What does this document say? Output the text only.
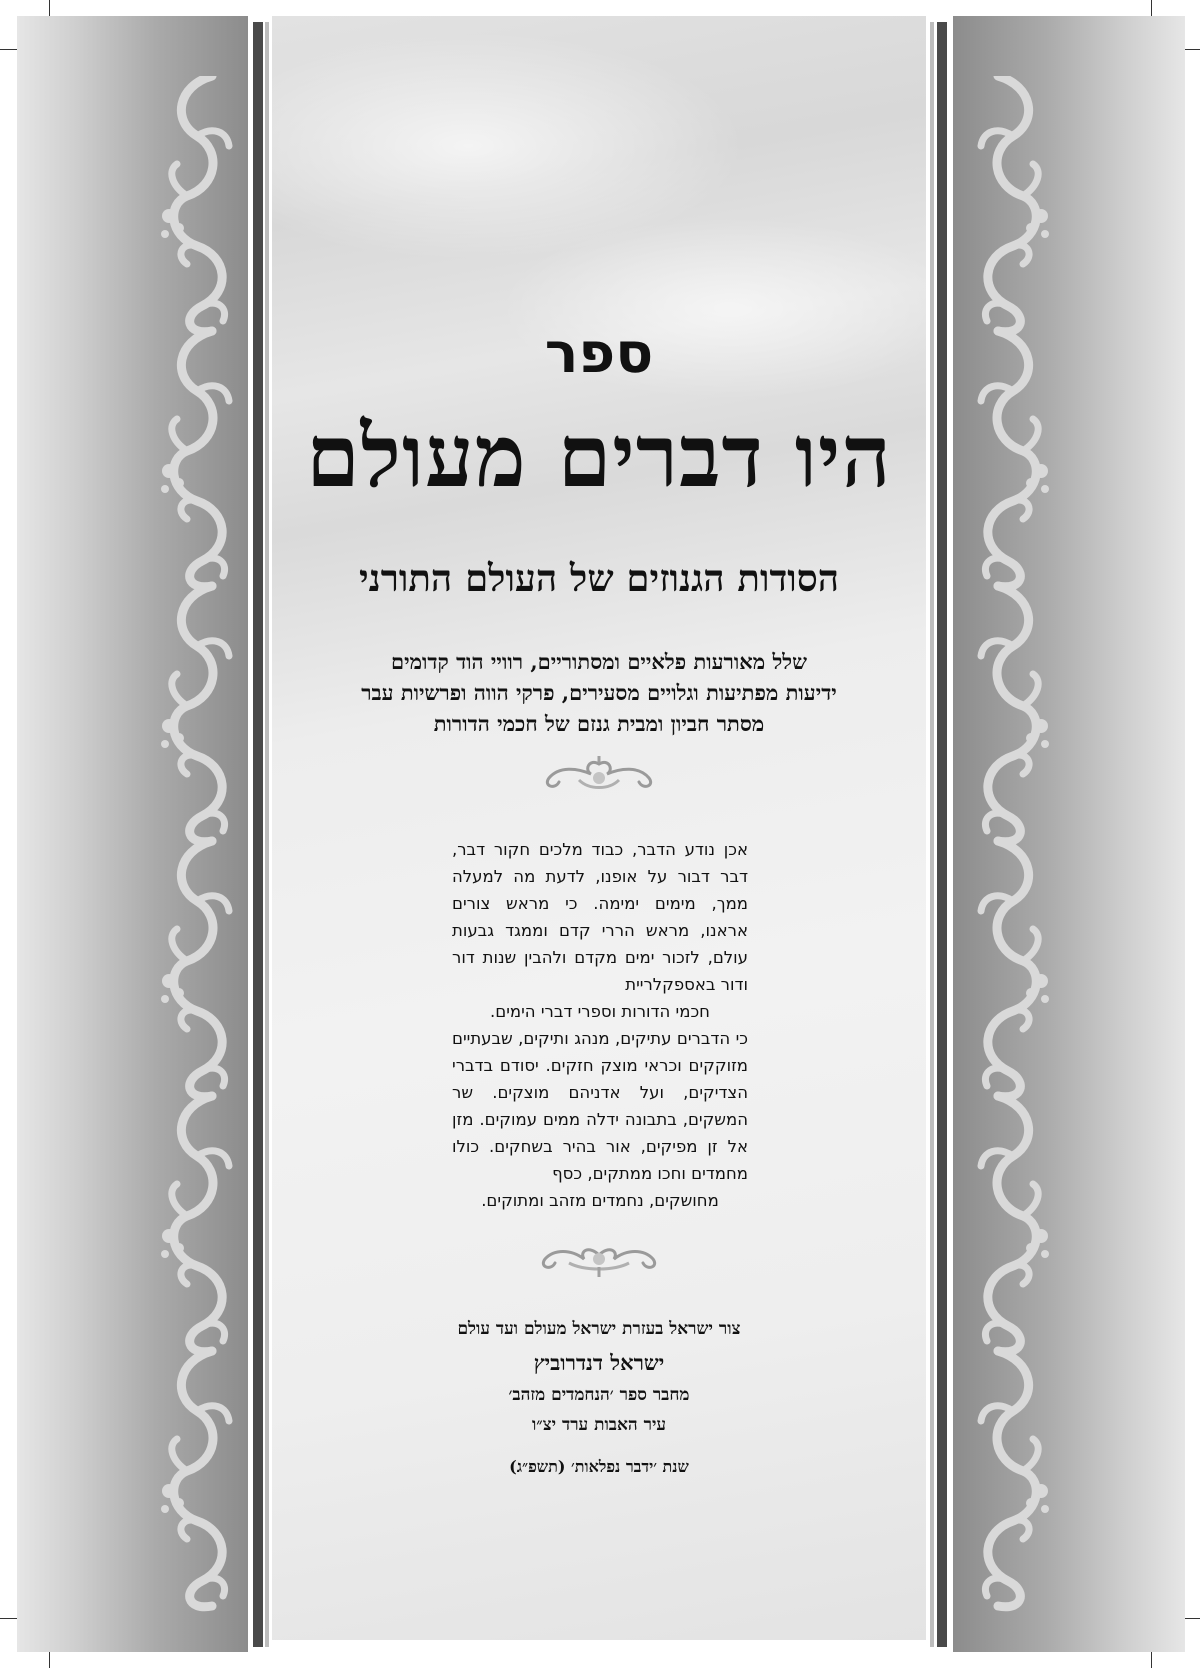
ספר
היו דברים מעולם
הסודות הגנוזים של העולם התורני
שלל מאורעות פלאיים ומסתוריים, רוויי הוד קדומים
ידיעות מפתיעות וגלויים מסעירים, פרקי הווה ופרשיות עבר
מסתר חביון ומבית גנזם של חכמי הדורות

אכן נודע הדבר, כבוד מלכים חקור דבר, דבר דבור על אופנו, לדעת מה למעלה ממך, מימים ימימה. כי מראש צורים אראנו, מראש הררי קדם וממגד גבעות עולם, לזכור ימים מקדם ולהבין שנות דור ודור באספקלריית

חכמי הדורות וספרי דברי הימים.

כי הדברים עתיקים, מנהג ותיקים, שבעתיים מזוקקים וכראי מוצק חזקים. יסודם בדברי הצדיקים, ועל אדניהם מוצקים. שר המשקים, בתבונה ידלה ממים עמוקים. מזן אל זן מפיקים, אור בהיר בשחקים. כולו מחמדים וחכו ממתקים, כסף

מחושקים, נחמדים מזהב ומתוקים.

צור ישראל בעזרת ישראל מעולם ועד עולם
ישראל דנדרוביץ
מחבר ספר ׳הנחמדים מזהב׳
עיר האבות ערד יצ״ו
שנת ׳ידבר נפלאות׳ (תשפ״ג)
